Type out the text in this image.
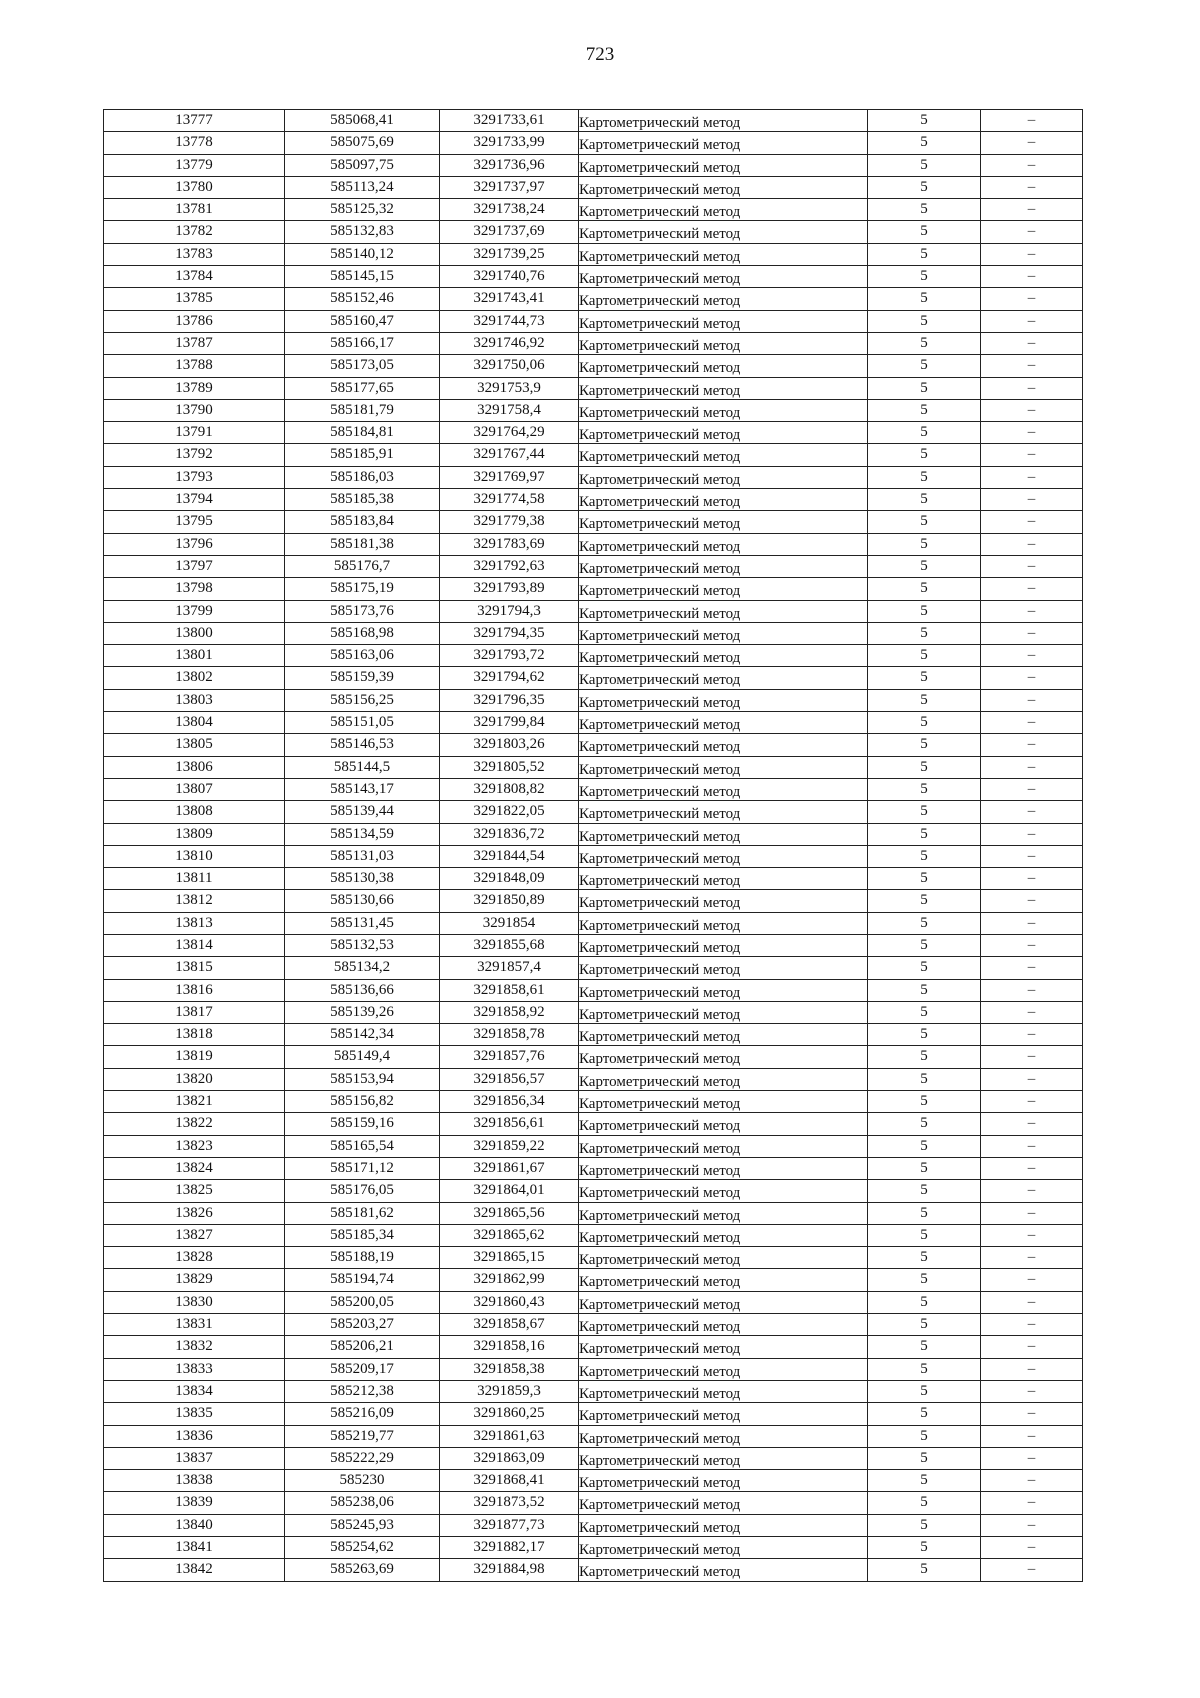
723
13777	585068,41	3291733,61	Картометрический метод	5	–
13778	585075,69	3291733,99	Картометрический метод	5	–
13779	585097,75	3291736,96	Картометрический метод	5	–
13780	585113,24	3291737,97	Картометрический метод	5	–
13781	585125,32	3291738,24	Картометрический метод	5	–
13782	585132,83	3291737,69	Картометрический метод	5	–
13783	585140,12	3291739,25	Картометрический метод	5	–
13784	585145,15	3291740,76	Картометрический метод	5	–
13785	585152,46	3291743,41	Картометрический метод	5	–
13786	585160,47	3291744,73	Картометрический метод	5	–
13787	585166,17	3291746,92	Картометрический метод	5	–
13788	585173,05	3291750,06	Картометрический метод	5	–
13789	585177,65	3291753,9	Картометрический метод	5	–
13790	585181,79	3291758,4	Картометрический метод	5	–
13791	585184,81	3291764,29	Картометрический метод	5	–
13792	585185,91	3291767,44	Картометрический метод	5	–
13793	585186,03	3291769,97	Картометрический метод	5	–
13794	585185,38	3291774,58	Картометрический метод	5	–
13795	585183,84	3291779,38	Картометрический метод	5	–
13796	585181,38	3291783,69	Картометрический метод	5	–
13797	585176,7	3291792,63	Картометрический метод	5	–
13798	585175,19	3291793,89	Картометрический метод	5	–
13799	585173,76	3291794,3	Картометрический метод	5	–
13800	585168,98	3291794,35	Картометрический метод	5	–
13801	585163,06	3291793,72	Картометрический метод	5	–
13802	585159,39	3291794,62	Картометрический метод	5	–
13803	585156,25	3291796,35	Картометрический метод	5	–
13804	585151,05	3291799,84	Картометрический метод	5	–
13805	585146,53	3291803,26	Картометрический метод	5	–
13806	585144,5	3291805,52	Картометрический метод	5	–
13807	585143,17	3291808,82	Картометрический метод	5	–
13808	585139,44	3291822,05	Картометрический метод	5	–
13809	585134,59	3291836,72	Картометрический метод	5	–
13810	585131,03	3291844,54	Картометрический метод	5	–
13811	585130,38	3291848,09	Картометрический метод	5	–
13812	585130,66	3291850,89	Картометрический метод	5	–
13813	585131,45	3291854	Картометрический метод	5	–
13814	585132,53	3291855,68	Картометрический метод	5	–
13815	585134,2	3291857,4	Картометрический метод	5	–
13816	585136,66	3291858,61	Картометрический метод	5	–
13817	585139,26	3291858,92	Картометрический метод	5	–
13818	585142,34	3291858,78	Картометрический метод	5	–
13819	585149,4	3291857,76	Картометрический метод	5	–
13820	585153,94	3291856,57	Картометрический метод	5	–
13821	585156,82	3291856,34	Картометрический метод	5	–
13822	585159,16	3291856,61	Картометрический метод	5	–
13823	585165,54	3291859,22	Картометрический метод	5	–
13824	585171,12	3291861,67	Картометрический метод	5	–
13825	585176,05	3291864,01	Картометрический метод	5	–
13826	585181,62	3291865,56	Картометрический метод	5	–
13827	585185,34	3291865,62	Картометрический метод	5	–
13828	585188,19	3291865,15	Картометрический метод	5	–
13829	585194,74	3291862,99	Картометрический метод	5	–
13830	585200,05	3291860,43	Картометрический метод	5	–
13831	585203,27	3291858,67	Картометрический метод	5	–
13832	585206,21	3291858,16	Картометрический метод	5	–
13833	585209,17	3291858,38	Картометрический метод	5	–
13834	585212,38	3291859,3	Картометрический метод	5	–
13835	585216,09	3291860,25	Картометрический метод	5	–
13836	585219,77	3291861,63	Картометрический метод	5	–
13837	585222,29	3291863,09	Картометрический метод	5	–
13838	585230	3291868,41	Картометрический метод	5	–
13839	585238,06	3291873,52	Картометрический метод	5	–
13840	585245,93	3291877,73	Картометрический метод	5	–
13841	585254,62	3291882,17	Картометрический метод	5	–
13842	585263,69	3291884,98	Картометрический метод	5	–
